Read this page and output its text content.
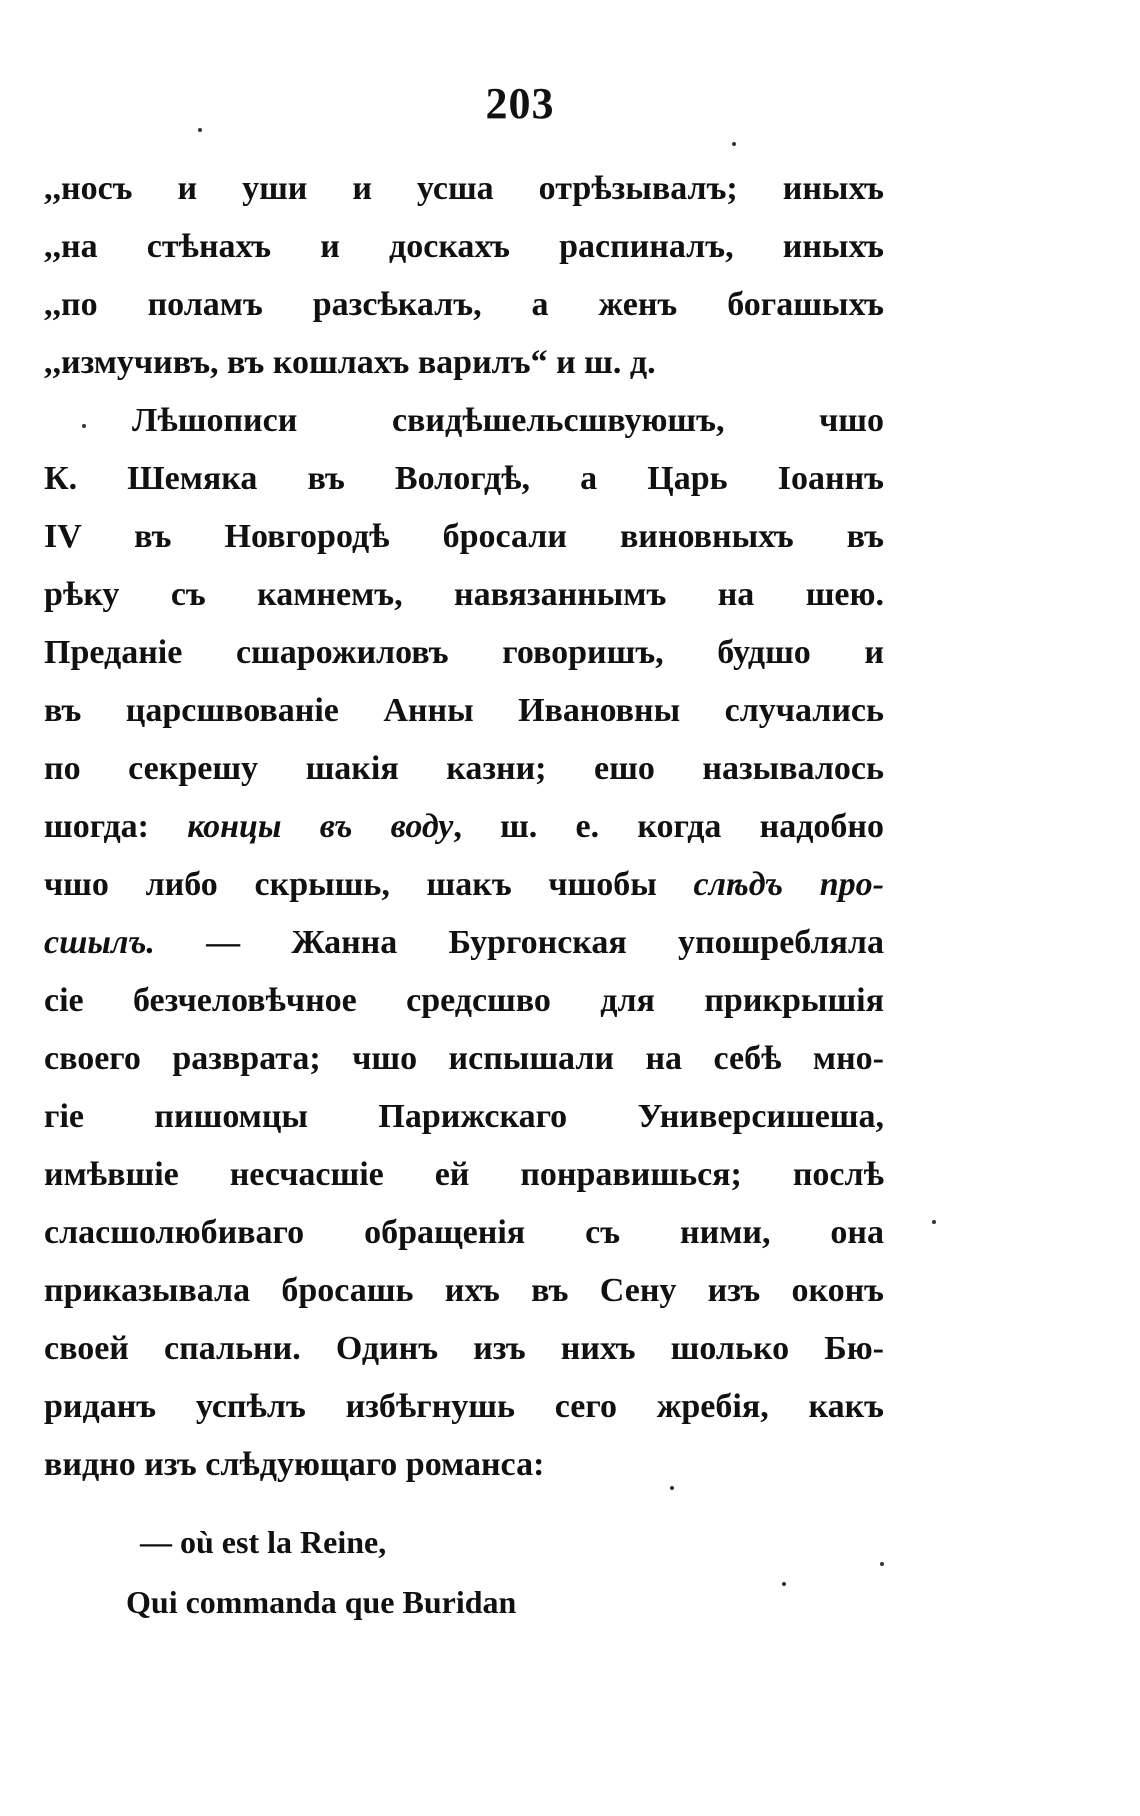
203
,,носъ и уши и усша отрѣзывалъ; иныхъ
,,на стѣнахъ и доскахъ распиналъ, иныхъ
,,по поламъ разсѣкалъ, а женъ богашыхъ
,,измучивъ, въ кошлахъ варилъ“ и ш. д.
Лѣшописи свидѣшельсшвуюшъ, чшо
К. Шемяка въ Вологдѣ, а Царь Іоаннъ
IV въ Новгородѣ бросали виновныхъ въ
рѣку съ камнемъ, навязаннымъ на шею.
Преданіе сшарожиловъ говоришъ, будшо и
въ царсшвованіе Анны Ивановны случались
по секрешу шакія казни; ешо называлось
шогда: концы въ воду, ш. е. когда надобно
чшо либо скрышь, шакъ чшобы слѣдъ про-
сшылъ. — Жанна Бургонская упошребляла
сіе безчеловѣчное средсшво для прикрышія
своего разврата; чшо испышали на себѣ мно-
гіе пишомцы Парижскаго Универсишеша,
имѣвшіе несчасшіе ей понравишься; послѣ
сласшолюбиваго обращенія съ ними, она
приказывала бросашь ихъ въ Сену изъ оконъ
своей спальни. Одинъ изъ нихъ шолько Бю-
риданъ успѣлъ избѣгнушь сего жребія, какъ
видно изъ слѣдующаго романса:
— où est la Reine,
Qui commanda que Buridan
